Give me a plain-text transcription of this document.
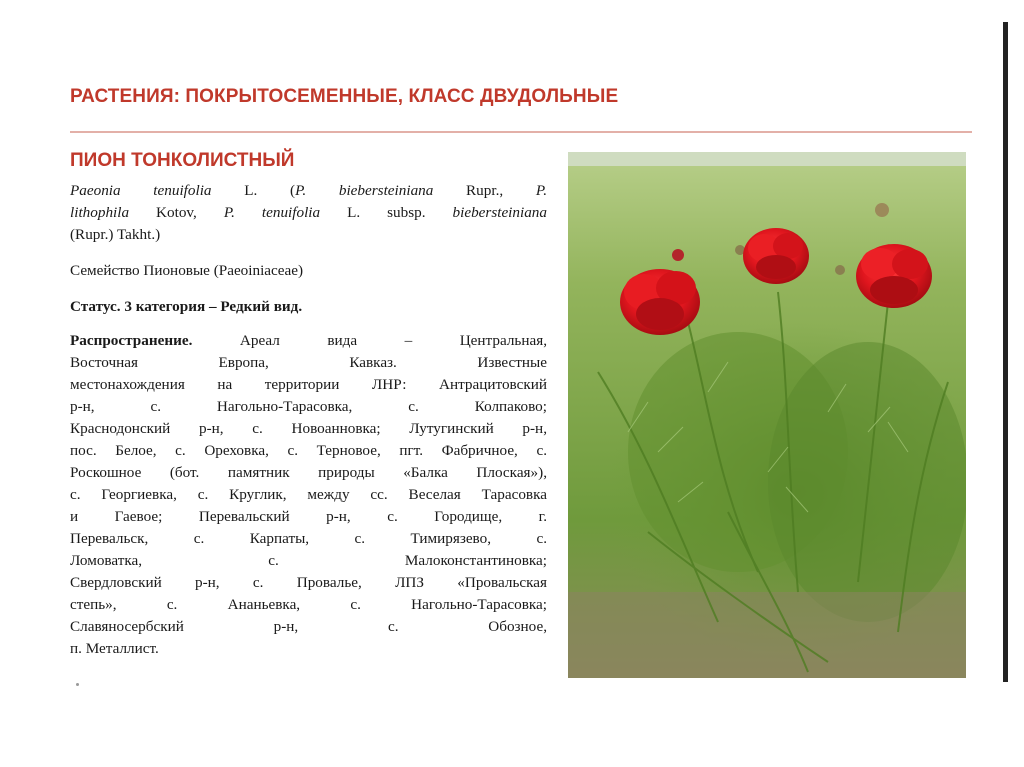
РАСТЕНИЯ: ПОКРЫТОСЕМЕННЫЕ, КЛАСС ДВУДОЛЬНЫЕ
ПИОН ТОНКОЛИСТНЫЙ
Paeonia tenuifolia L. (P. biebersteiniana Rupr., P.
lithophila Kotov, P. tenuifolia L. subsp. biebersteiniana
(Rupr.) Takht.)
Семейство Пионовые (Paeoiniaceae)
Статус. 3 категория – Редкий вид.
Распространение.	Ареал вида – Центральная,
Восточная Европа, Кавказ. Известные
местонахождения на территории ЛНР: Антрацитовский
р-н, с. Нагольно-Тарасовка, с. Колпаково;
Краснодонский р-н, с. Новоанновка; Лутугинский р-н,
пос. Белое, с. Ореховка, с. Терновое, пгт. Фабричное, с.
Роскошное (бот. памятник природы «Балка Плоская»),
с. Георгиевка, с. Круглик, между сс. Веселая Тарасовка
и Гаевое; Перевальский р-н, с. Городище, г.
Перевальск, с. Карпаты, с. Тимирязево, с.
Ломоватка, с. Малоконстантиновка;
Свердловский р-н, с. Провалье, ЛПЗ «Провальская
степь», с. Ананьевка, с. Нагольно-Тарасовка;
Славяносербский р-н, с. Обозное,
п. Металлист.
